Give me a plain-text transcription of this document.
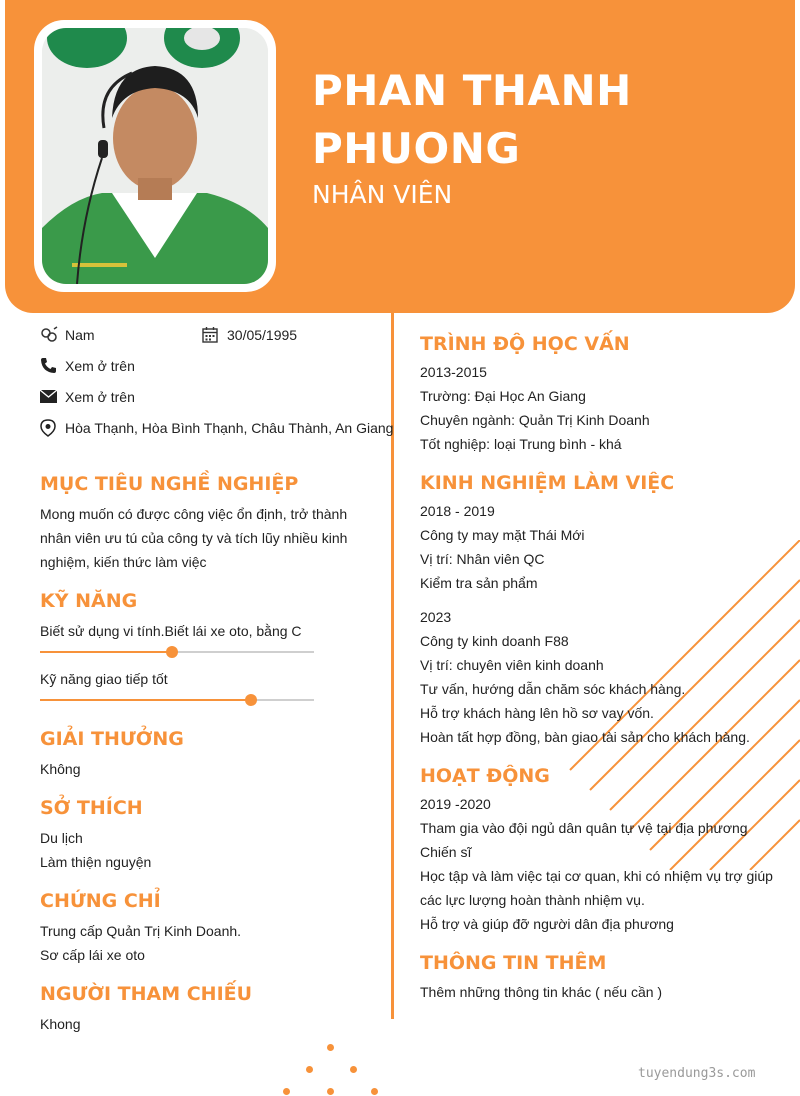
PHAN THANH
PHUONG
NHÂN VIÊN
Nam	30/05/1995
Xem ở trên
Xem ở trên
Hòa Thạnh, Hòa Bình Thạnh, Châu Thành, An Giang
MỤC TIÊU NGHỀ NGHIỆP
Mong muốn có được công việc ổn định, trở thành
nhân viên ưu tú của công ty và tích lũy nhiều kinh
nghiệm, kiến thức làm việc
KỸ NĂNG
Biết sử dụng vi tính.Biết lái xe oto, bằng C
Kỹ năng giao tiếp tốt
GIẢI THƯỞNG
Không
SỞ THÍCH
Du lịch
Làm thiện nguyện
CHỨNG CHỈ
Trung cấp Quản Trị Kinh Doanh.
Sơ cấp lái xe oto
NGƯỜI THAM CHIẾU
Khong
TRÌNH ĐỘ HỌC VẤN
2013-2015
Trường: Đại Học An Giang
Chuyên ngành: Quản Trị Kinh Doanh
Tốt nghiệp: loại Trung bình - khá
KINH NGHIỆM LÀM VIỆC
2018 - 2019
Công ty may mặt Thái Mới
Vị trí: Nhân viên QC
Kiểm tra sản phẩm
2023
Công ty kinh doanh F88
Vị trí: chuyên viên kinh doanh
Tư vấn, hướng dẫn chăm sóc khách hàng.
Hỗ trợ khách hàng lên hồ sơ vay vốn.
Hoàn tất hợp đồng, bàn giao tài sản cho khách hàng.
HOẠT ĐỘNG
2019 -2020
Tham gia vào đội ngủ dân quân tự vệ tại địa phương
Chiến sĩ
Học tập và làm việc tại cơ quan, khi có nhiệm vụ trợ giúp
các lực lượng hoàn thành nhiệm vụ.
Hỗ trợ và giúp đỡ người dân địa phương
THÔNG TIN THÊM
Thêm những thông tin khác ( nếu cần )
tuyendung3s.com
